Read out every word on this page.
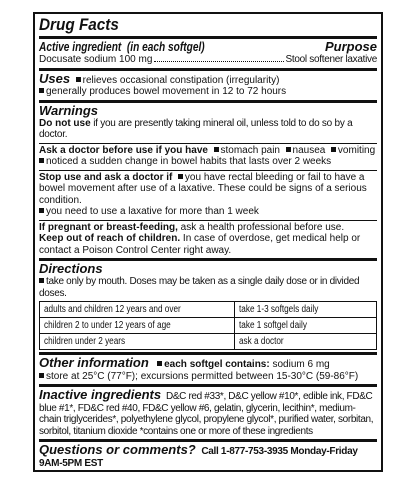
Drug Facts
Active ingredient  (in each softgel)	Purpose
Docusate sodium 100 mg	Stool softener laxative
Uses relieves occasional constipation (irregularity)
generally produces bowel movement in 12 to 72 hours
Warnings
Do not use if you are presently taking mineral oil, unless told to do so by a doctor.
Ask a doctor before use if you have stomach pain nausea vomiting
noticed a sudden change in bowel habits that lasts over 2 weeks
Stop use and ask a doctor if you have rectal bleeding or fail to have a bowel movement after use of a laxative. These could be signs of a serious condition.
you need to use a laxative for more than 1 week
If pregnant or breast-feeding, ask a health professional before use.
Keep out of reach of children. In case of overdose, get medical help or contact a Poison Control Center right away.
Directions
take only by mouth. Doses may be taken as a single daily dose or in divided doses.
adults and children 12 years and over	take 1-3 softgels daily
children 2 to under 12 years of age	take 1 softgel daily
children under 2 years	ask a doctor
Other information each softgel contains: sodium 6 mg
store at 25°C (77°F); excursions permitted between 15-30°C (59-86°F)
Inactive ingredients D&C red #33*, D&C yellow #10*, edible ink, FD&C blue #1*, FD&C red #40, FD&C yellow #6, gelatin, glycerin, lecithin*, medium-chain triglycerides*, polyethylene glycol, propylene glycol*, purified water, sorbitan, sorbitol, titanium dioxide *contains one or more of these ingredients
Questions or comments? Call 1-877-753-3935 Monday-Friday 9AM-5PM EST
